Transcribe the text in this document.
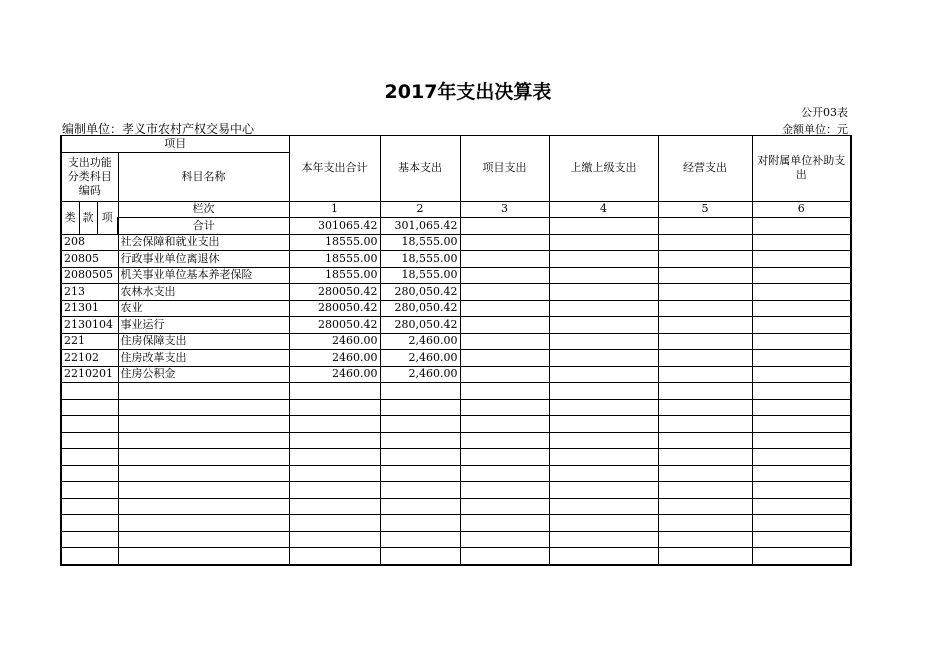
2017年支出决算表
公开03表
编制单位：孝义市农村产权交易中心	金额单位：元
项目				本年支出合计	基本支出	项目支出	上缴上级支出	经营支出	对附属单位补助支出
支出功能分类科目编码			科目名称						

类	款	项	栏次	1	2	3	4	5	6
			合计	301065.42	301,065.42				
208			社会保障和就业支出	18555.00	18,555.00				
20805			行政事业单位离退休	18555.00	18,555.00				
2080505			机关事业单位基本养老保险	18555.00	18,555.00				
213			农林水支出	280050.42	280,050.42				
21301			农业	280050.42	280,050.42				
2130104			事业运行	280050.42	280,050.42				
221			住房保障支出	2460.00	2,460.00				
22102			住房改革支出	2460.00	2,460.00				
2210201			住房公积金	2460.00	2,460.00				
